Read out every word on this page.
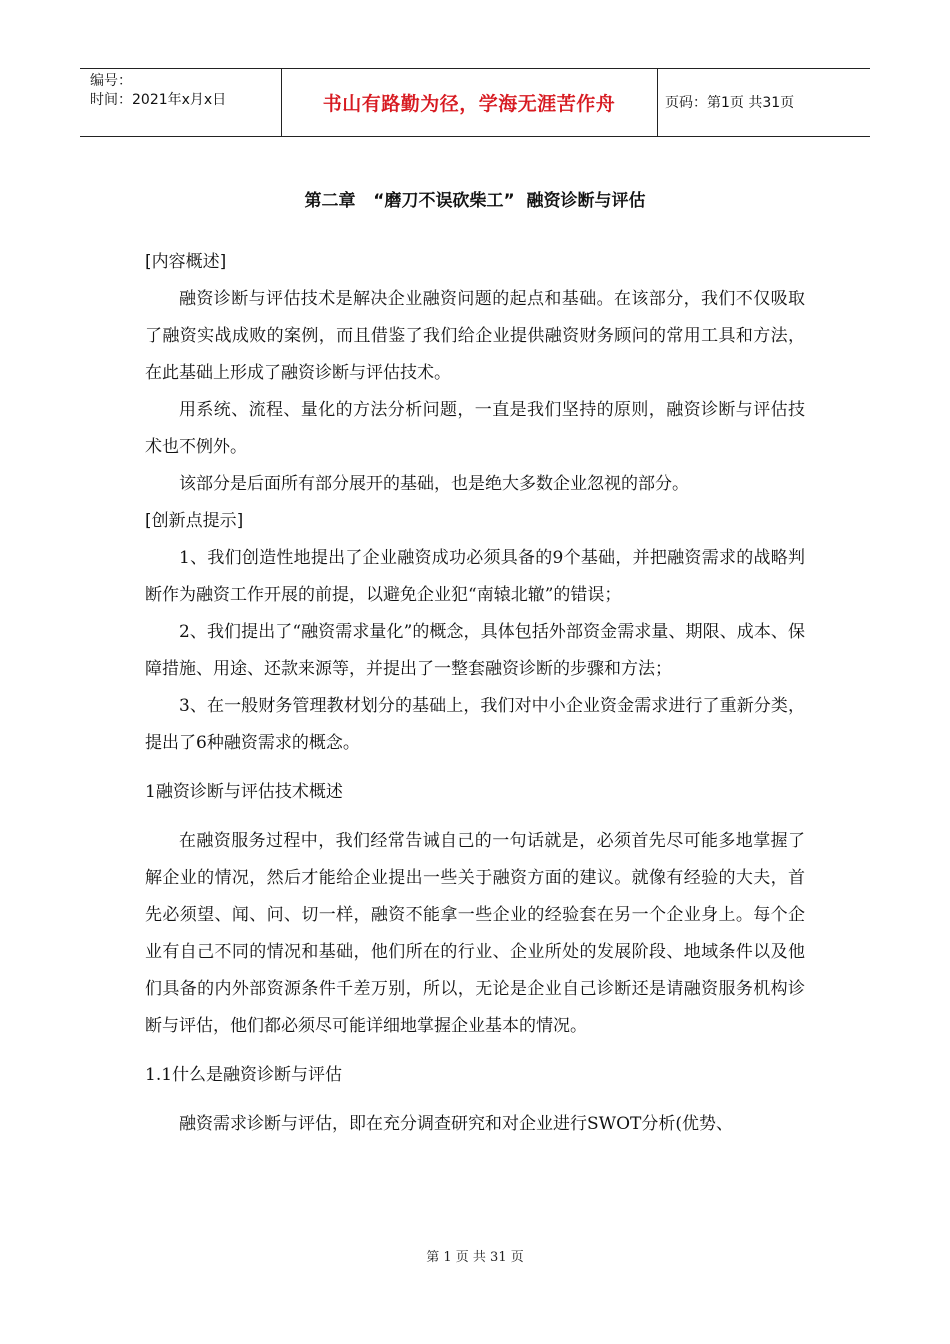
编号：
时间：2021年x月x日	书山有路勤为径，学海无涯苦作舟	页码：第1页 共31页
第二章   “磨刀不误砍柴工”  融资诊断与评估

[内容概述]

融资诊断与评估技术是解决企业融资问题的起点和基础。在该部分，我们不仅吸取了融资实战成败的案例，而且借鉴了我们给企业提供融资财务顾问的常用工具和方法，在此基础上形成了融资诊断与评估技术。

用系统、流程、量化的方法分析问题，一直是我们坚持的原则，融资诊断与评估技术也不例外。

该部分是后面所有部分展开的基础，也是绝大多数企业忽视的部分。

[创新点提示]

1、我们创造性地提出了企业融资成功必须具备的9个基础，并把融资需求的战略判断作为融资工作开展的前提，以避免企业犯“南辕北辙”的错误；

2、我们提出了“融资需求量化”的概念，具体包括外部资金需求量、期限、成本、保障措施、用途、还款来源等，并提出了一整套融资诊断的步骤和方法；

3、在一般财务管理教材划分的基础上，我们对中小企业资金需求进行了重新分类，提出了6种融资需求的概念。

1融资诊断与评估技术概述

在融资服务过程中，我们经常告诫自己的一句话就是，必须首先尽可能多地掌握了解企业的情况，然后才能给企业提出一些关于融资方面的建议。就像有经验的大夫，首先必须望、闻、问、切一样，融资不能拿一些企业的经验套在另一个企业身上。每个企业有自己不同的情况和基础，他们所在的行业、企业所处的发展阶段、地域条件以及他们具备的内外部资源条件千差万别，所以，无论是企业自己诊断还是请融资服务机构诊断与评估，他们都必须尽可能详细地掌握企业基本的情况。

1.1什么是融资诊断与评估

融资需求诊断与评估，即在充分调查研究和对企业进行SWOT分析(优势、

第 1 页 共 31 页
